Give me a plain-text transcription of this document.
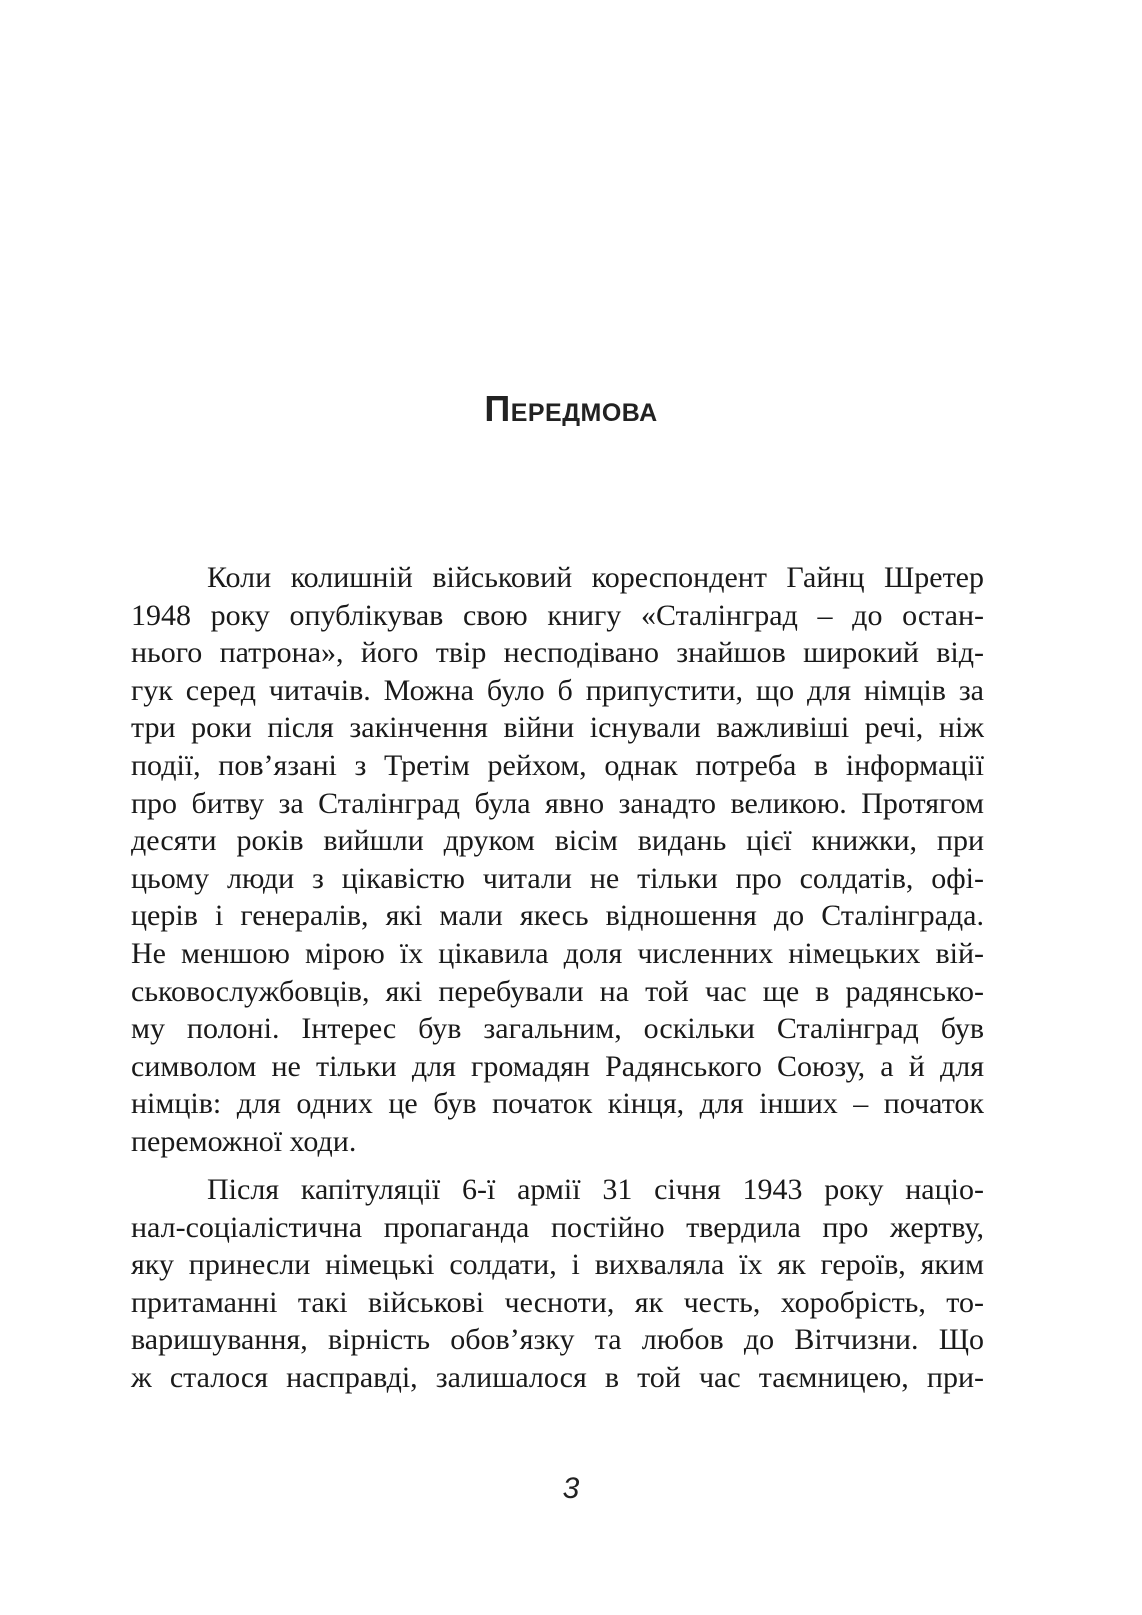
Передмова
Коли колишній військовий кореспондент Гайнц Шретер
1948 року опублікував свою книгу «Сталінград – до остан-
нього патрона», його твір несподівано знайшов широкий від-
гук серед читачів. Можна було б припустити, що для німців за
три роки після закінчення війни існували важливіші речі, ніж
події, пов’язані з Третім рейхом, однак потреба в інформації
про битву за Сталінград була явно занадто великою. Протягом
десяти років вийшли друком вісім видань цієї книжки, при
цьому люди з цікавістю читали не тільки про солдатів, офі-
церів і генералів, які мали якесь відношення до Сталінграда.
Не меншою мірою їх цікавила доля численних німецьких вій-
ськовослужбовців, які перебували на той час ще в радянсько-
му полоні. Інтерес був загальним, оскільки Сталінград був
символом не тільки для громадян Радянського Союзу, а й для
німців: для одних це був початок кінця, для інших – початок
переможної ходи.
Після капітуляції 6-ї армії 31 січня 1943 року націо-
нал-соціалістична пропаганда постійно твердила про жертву,
яку принесли німецькі солдати, і вихваляла їх як героїв, яким
притаманні такі військові чесноти, як честь, хоробрість, то-
варишування, вірність обов’язку та любов до Вітчизни. Що
ж сталося насправді, залишалося в той час таємницею, при-
3
